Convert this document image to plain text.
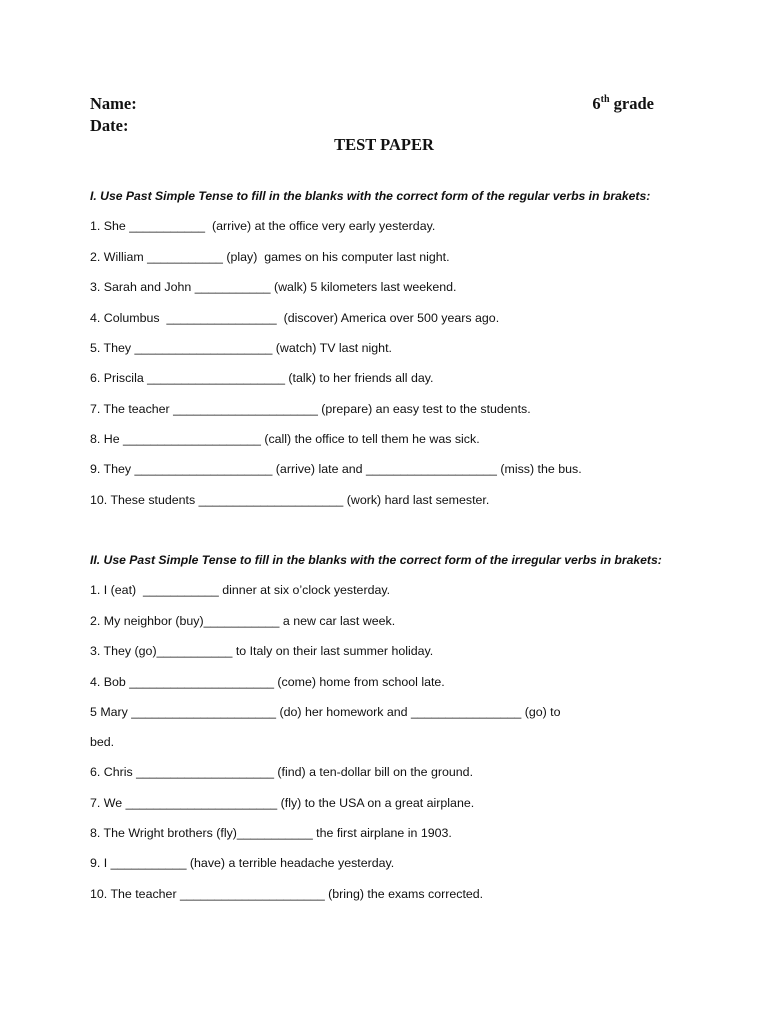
Name:
Date:
6th grade
TEST PAPER
I. Use Past Simple Tense to fill in the blanks with the correct form of the regular verbs in brakets:
1. She ___________  (arrive) at the office very early yesterday.
2. William ___________ (play)  games on his computer last night.
3. Sarah and John ___________ (walk) 5 kilometers last weekend.
4. Columbus  ________________  (discover) America over 500 years ago.
5. They ____________________ (watch) TV last night.
6. Priscila ____________________ (talk) to her friends all day.
7. The teacher _____________________ (prepare) an easy test to the students.
8. He ____________________ (call) the office to tell them he was sick.
9. They ____________________ (arrive) late and ___________________ (miss) the bus.
10. These students _____________________ (work) hard last semester.
II. Use Past Simple Tense to fill in the blanks with the correct form of the irregular verbs in brakets:
1. I (eat)  ___________ dinner at six o’clock yesterday.
2. My neighbor (buy)___________ a new car last week.
3. They (go)___________ to Italy on their last summer holiday.
4. Bob _____________________ (come) home from school late.
5 Mary _____________________ (do) her homework and ________________ (go) to
bed.
6. Chris ____________________ (find) a ten-dollar bill on the ground.
7. We ______________________ (fly) to the USA on a great airplane.
8. The Wright brothers (fly)___________ the first airplane in 1903.
9. I ___________ (have) a terrible headache yesterday.
10. The teacher _____________________ (bring) the exams corrected.
